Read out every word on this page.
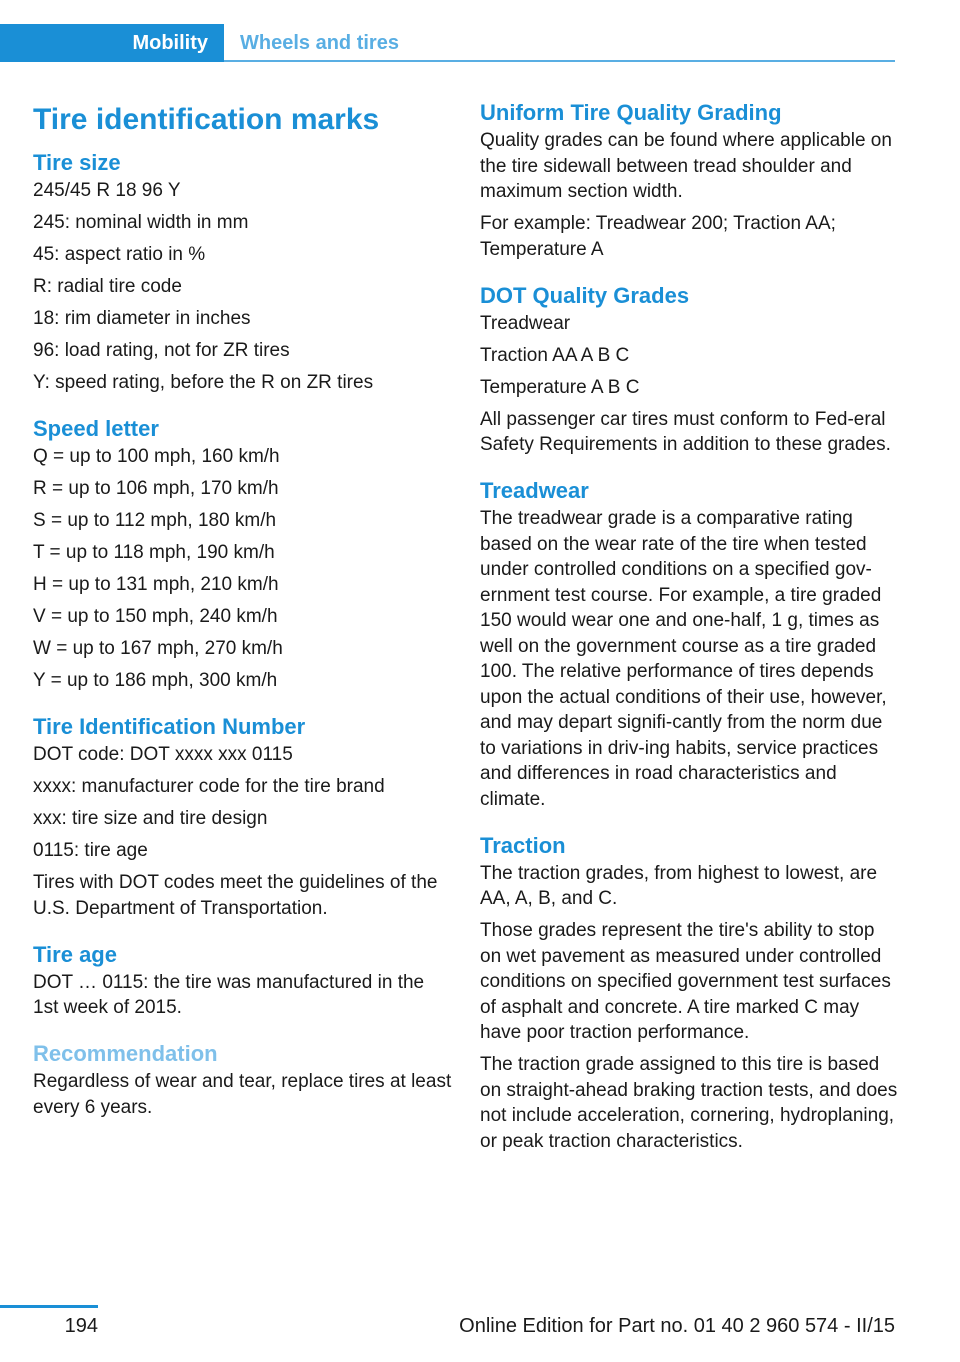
Mobility Wheels and tires
Tire identification marks
Tire size

245/45 R 18 96 Y

245: nominal width in mm

45: aspect ratio in %

R: radial tire code

18: rim diameter in inches

96: load rating, not for ZR tires

Y: speed rating, before the R on ZR tires

Speed letter

Q = up to 100 mph, 160 km/h

R = up to 106 mph, 170 km/h

S = up to 112 mph, 180 km/h

T = up to 118 mph, 190 km/h

H = up to 131 mph, 210 km/h

V = up to 150 mph, 240 km/h

W = up to 167 mph, 270 km/h

Y = up to 186 mph, 300 km/h

Tire Identification Number

DOT code: DOT xxxx xxx 0115

xxxx: manufacturer code for the tire brand

xxx: tire size and tire design

0115: tire age

Tires with DOT codes meet the guidelines of the U.S. Department of Transportation.

Tire age

DOT … 0115: the tire was manufactured in the 1st week of 2015.

Recommendation

Regardless of wear and tear, replace tires at least every 6 years.

Uniform Tire Quality Grading

Quality grades can be found where applicable on the tire sidewall between tread shoulder and maximum section width.

For example: Treadwear 200; Traction AA; Temperature A

DOT Quality Grades

Treadwear

Traction AA A B C

Temperature A B C

All passenger car tires must conform to Fed‐eral Safety Requirements in addition to these grades.

Treadwear

The treadwear grade is a comparative rating based on the wear rate of the tire when tested under controlled conditions on a specified gov‐ernment test course. For example, a tire graded 150 would wear one and one-half, 1 g, times as well on the government course as a tire graded 100. The relative performance of tires depends upon the actual conditions of their use, however, and may depart signifi‐cantly from the norm due to variations in driv‐ing habits, service practices and differences in road characteristics and climate.

Traction

The traction grades, from highest to lowest, are AA, A, B, and C.

Those grades represent the tire's ability to stop on wet pavement as measured under controlled conditions on specified government test surfaces of asphalt and concrete. A tire marked C may have poor traction performance.

The traction grade assigned to this tire is based on straight-ahead braking traction tests, and does not include acceleration, cornering, hydroplaning, or peak traction characteristics.

194	Online Edition for Part no. 01 40 2 960 574 - II/15
